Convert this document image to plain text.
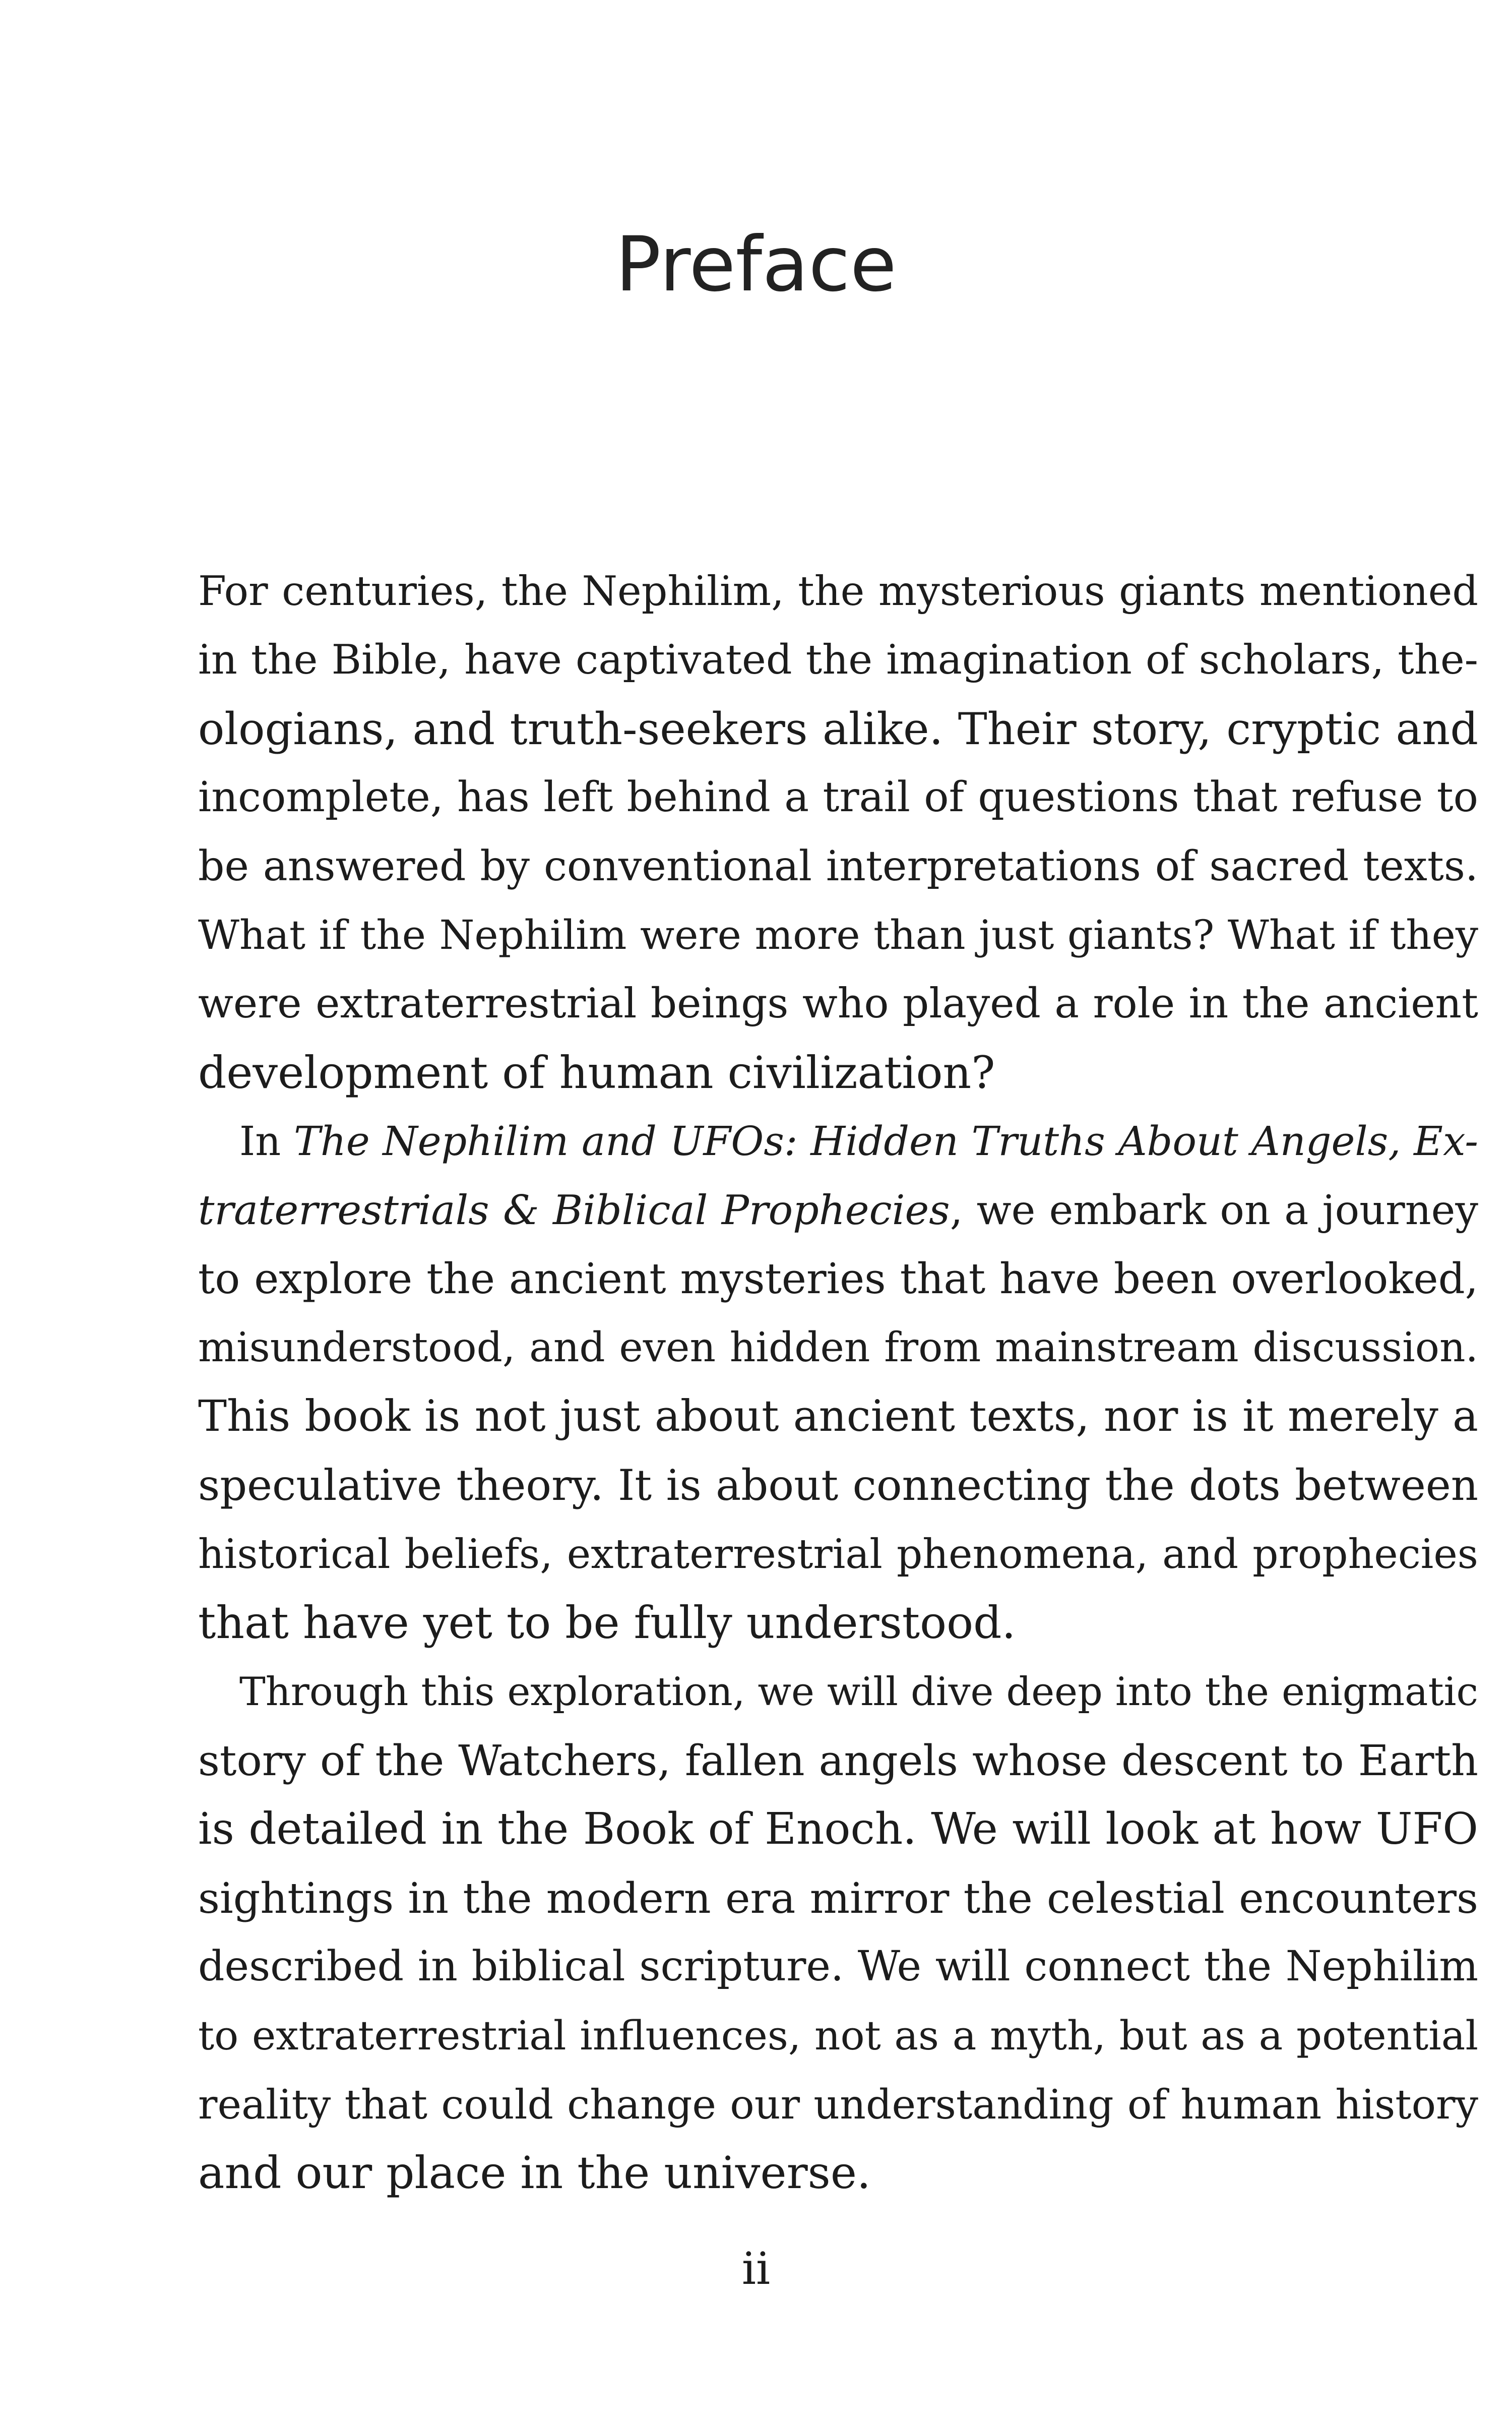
Preface

For centuries, the Nephilim, the mysterious giants mentioned
in the Bible, have captivated the imagination of scholars, the-
ologians, and truth-seekers alike. Their story, cryptic and
incomplete, has left behind a trail of questions that refuse to
be answered by conventional interpretations of sacred texts.
What if the Nephilim were more than just giants? What if they
were extraterrestrial beings who played a role in the ancient
development of human civilization?

In The Nephilim and UFOs: Hidden Truths About Angels, Ex-
traterrestrials & Biblical Prophecies, we embark on a journey
to explore the ancient mysteries that have been overlooked,
misunderstood, and even hidden from mainstream discussion.
This book is not just about ancient texts, nor is it merely a
speculative theory. It is about connecting the dots between
historical beliefs, extraterrestrial phenomena, and prophecies
that have yet to be fully understood.

Through this exploration, we will dive deep into the enigmatic
story of the Watchers, fallen angels whose descent to Earth
is detailed in the Book of Enoch. We will look at how UFO
sightings in the modern era mirror the celestial encounters
described in biblical scripture. We will connect the Nephilim
to extraterrestrial influences, not as a myth, but as a potential
reality that could change our understanding of human history
and our place in the universe.

ii
